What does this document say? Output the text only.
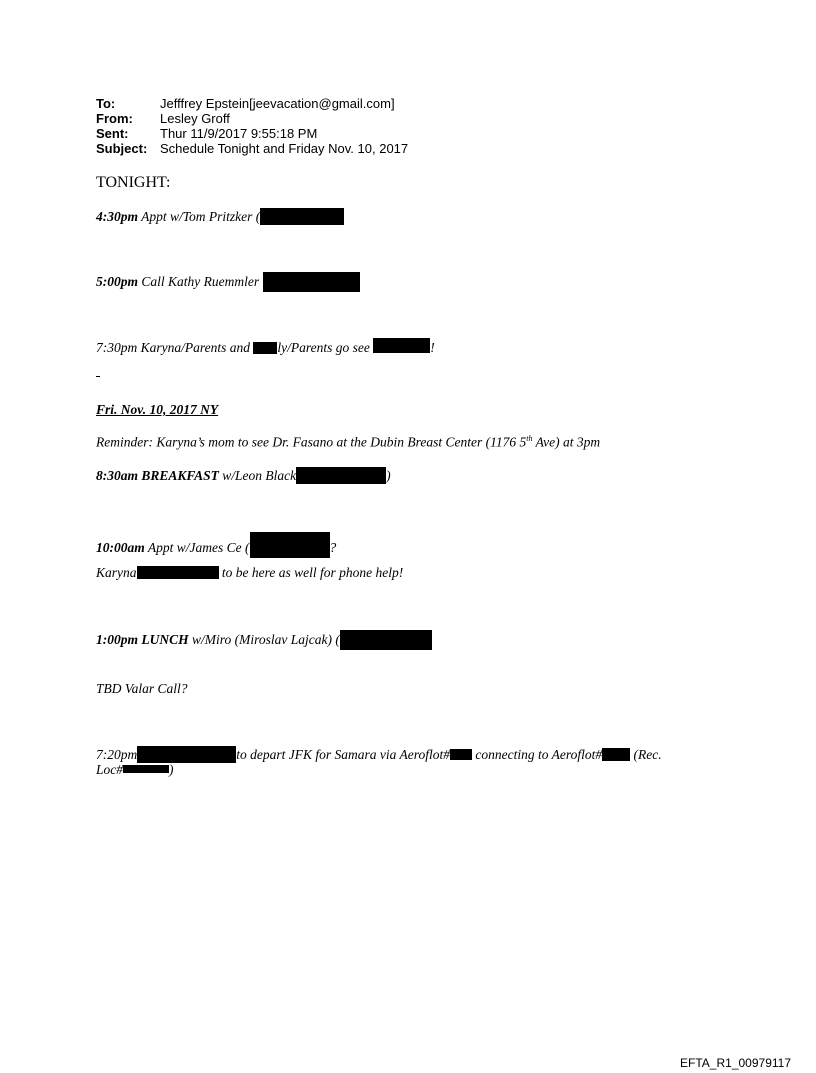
To:	Jefffrey Epstein[jeevacation@gmail.com]
From:	Lesley Groff
Sent:	Thur 11/9/2017 9:55:18 PM
Subject: Schedule Tonight and Friday Nov. 10, 2017
TONIGHT:
4:30pm Appt w/Tom Pritzker (
5:00pm Call Kathy Ruemmler
7:30pm Karyna/Parents and ly/Parents go see	!
Fri. Nov. 10, 2017 NY
Reminder: Karyna’s mom to see Dr. Fasano at the Dubin Breast Center (1176 5th Ave) at 3pm
8:30am BREAKFAST w/Leon Black	)
10:00am Appt w/James Ce (	?
Karyna	to be here as well for phone help!
1:00pm LUNCH w/Miro (Miroslav Lajcak) (
TBD Valar Call?
7:20pm	to depart JFK for Samara via Aeroflot# connecting to Aeroflot# (Rec.
Loc#	)
EFTA_R1_00979117
